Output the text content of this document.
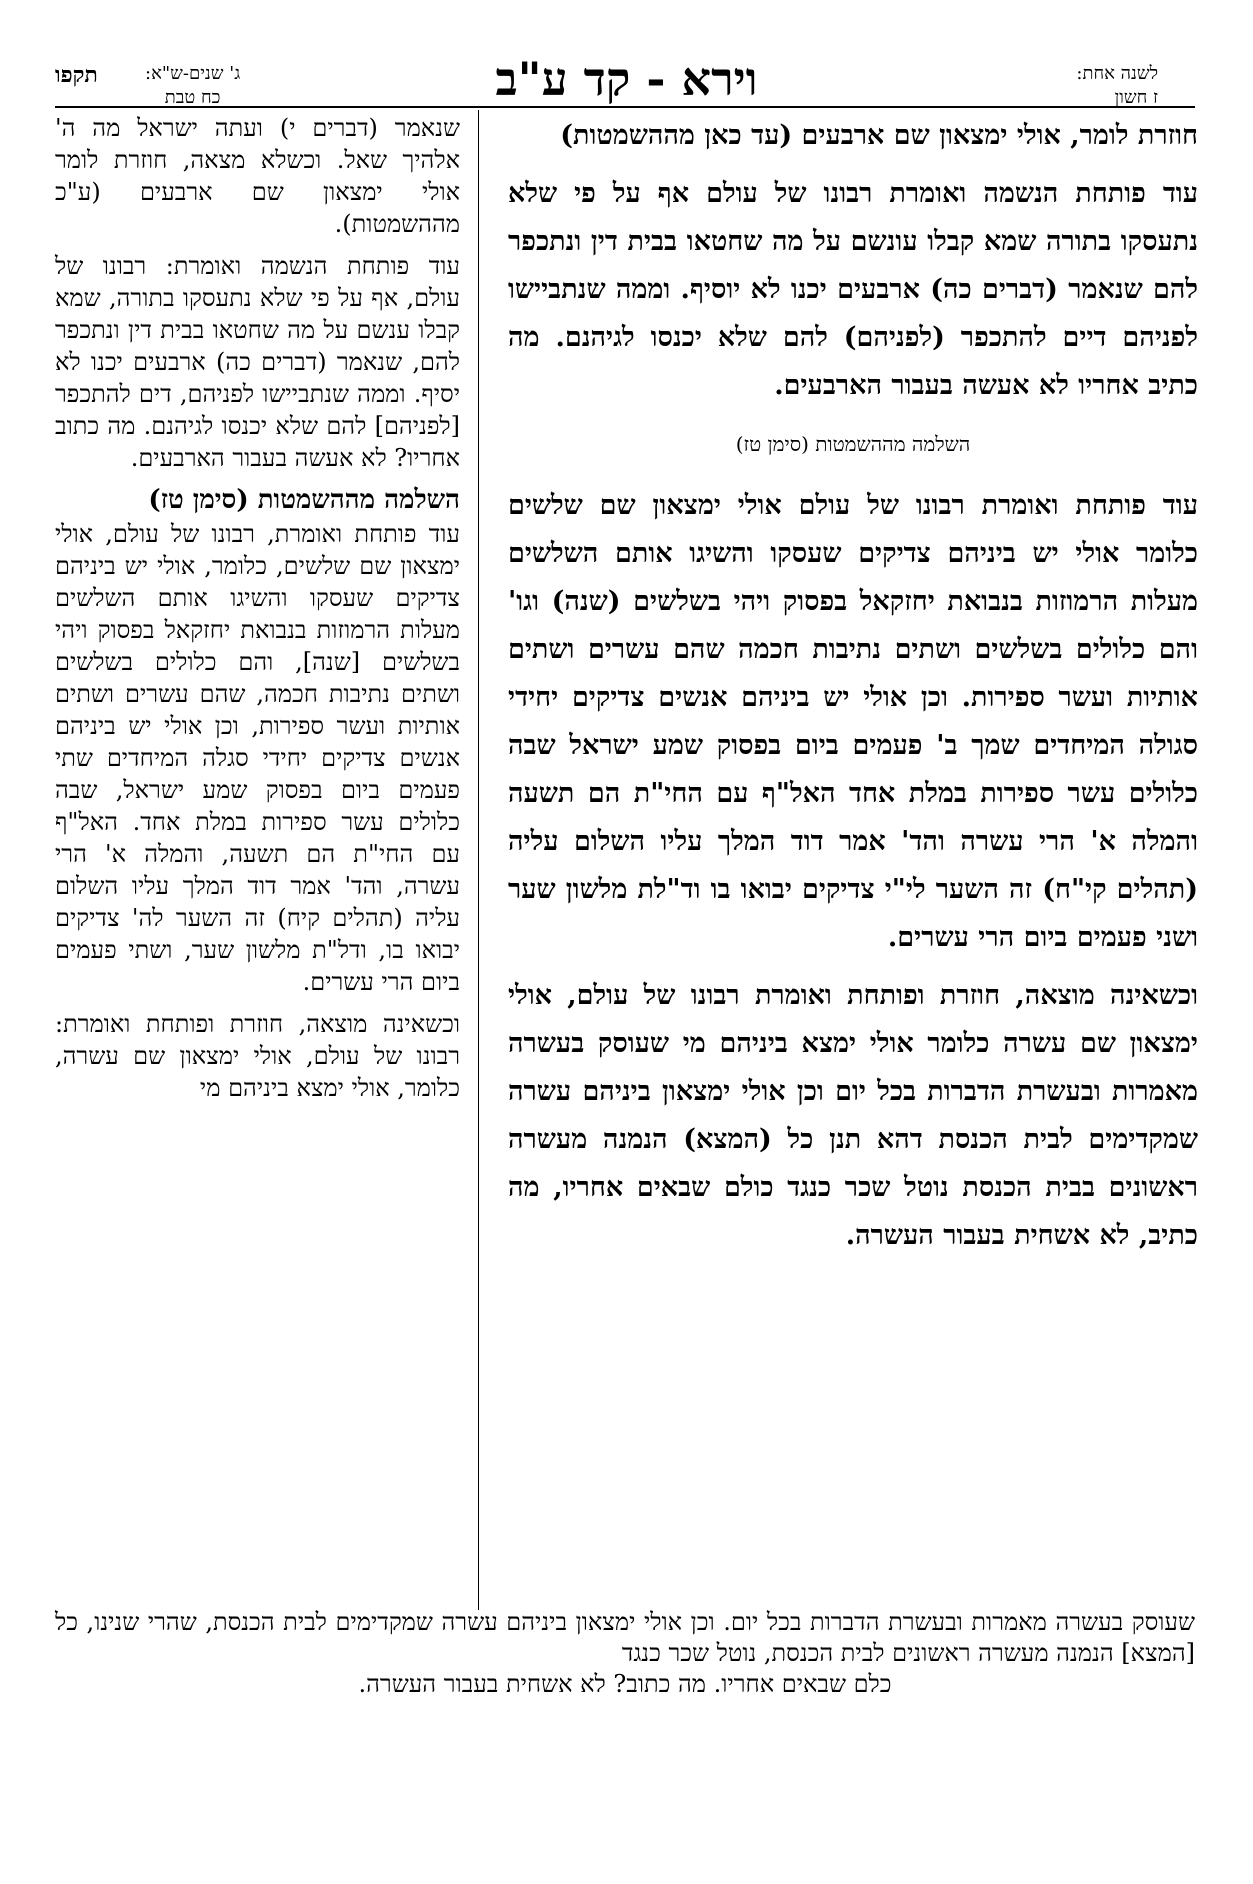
לשנה אחת:
ז חשון
וירא - קד ע"ב
ג' שנים-ש"א:
כח טבת
תקפו

חוזרת לומר, אולי ימצאון שם ארבעים (עד כאן מההשמטות)

עוד פותחת הנשמה ואומרת רבונו של עולם אף על פי שלא נתעסקו בתורה שמא קבלו עונשם על מה שחטאו בבית דין ונתכפר להם שנאמר (דברים כה) ארבעים יכנו לא יוסיף. וממה שנתביישו לפניהם דיים להתכפר (לפניהם) להם שלא יכנסו לגיהנם. מה כתיב אחריו לא אעשה בעבור הארבעים.

השלמה מההשמטות (סימן טז)

עוד פותחת ואומרת רבונו של עולם אולי ימצאון שם שלשים כלומר אולי יש ביניהם צדיקים שעסקו והשיגו אותם השלשים מעלות הרמוזות בנבואת יחזקאל בפסוק ויהי בשלשים (שנה) וגו' והם כלולים בשלשים ושתים נתיבות חכמה שהם עשרים ושתים אותיות ועשר ספירות. וכן אולי יש ביניהם אנשים צדיקים יחידי סגולה המיחדים שמך ב' פעמים ביום בפסוק שמע ישראל שבה כלולים עשר ספירות במלת אחד האל"ף עם החי"ת הם תשעה והמלה א' הרי עשרה והד' אמר דוד המלך עליו השלום עליה (תהלים קי"ח) זה השער לי"י צדיקים יבואו בו וד"לת מלשון שער ושני פעמים ביום הרי עשרים.

וכשאינה מוצאה, חוזרת ופותחת ואומרת רבונו של עולם, אולי ימצאון שם עשרה כלומר אולי ימצא ביניהם מי שעוסק בעשרה מאמרות ובעשרת הדברות בכל יום וכן אולי ימצאון ביניהם עשרה שמקדימים לבית הכנסת דהא תנן כל (המצא) הנמנה מעשרה ראשונים בבית הכנסת נוטל שכר כנגד כולם שבאים אחריו, מה כתיב, לא אשחית בעבור העשרה.

שנאמר (דברים י) ועתה ישראל מה ה' אלהיך שאל. וכשלא מצאה, חוזרת לומר אולי ימצאון שם ארבעים (ע"כ מההשמטות).

עוד פותחת הנשמה ואומרת: רבונו של עולם, אף על פי שלא נתעסקו בתורה, שמא קבלו ענשם על מה שחטאו בבית דין ונתכפר להם, שנאמר (דברים כה) ארבעים יכנו לא יסיף. וממה שנתביישו לפניהם, דים להתכפר [לפניהם] להם שלא יכנסו לגיהנם. מה כתוב אחריו? לא אעשה בעבור הארבעים.

השלמה מההשמטות (סימן טז)

עוד פותחת ואומרת, רבונו של עולם, אולי ימצאון שם שלשים, כלומר, אולי יש ביניהם צדיקים שעסקו והשיגו אותם השלשים מעלות הרמוזות בנבואת יחזקאל בפסוק ויהי בשלשים [שנה], והם כלולים בשלשים ושתים נתיבות חכמה, שהם עשרים ושתים אותיות ועשר ספירות, וכן אולי יש ביניהם אנשים צדיקים יחידי סגלה המיחדים שתי פעמים ביום בפסוק שמע ישראל, שבה כלולים עשר ספירות במלת אחד. האל"ף עם החי"ת הם תשעה, והמלה א' הרי עשרה, והד' אמר דוד המלך עליו השלום עליה (תהלים קיח) זה השער לה' צדיקים יבואו בו, ודל"ת מלשון שער, ושתי פעמים ביום הרי עשרים.

וכשאינה מוצאה, חוזרת ופותחת ואומרת: רבונו של עולם, אולי ימצאון שם עשרה, כלומר, אולי ימצא ביניהם מי

שעוסק בעשרה מאמרות ובעשרת הדברות בכל יום. וכן אולי ימצאון ביניהם עשרה שמקדימים לבית הכנסת, שהרי שנינו, כל [המצא] הנמנה מעשרה ראשונים לבית הכנסת, נוטל שכר כנגד
כלם שבאים אחריו. מה כתוב? לא אשחית בעבור העשרה.
